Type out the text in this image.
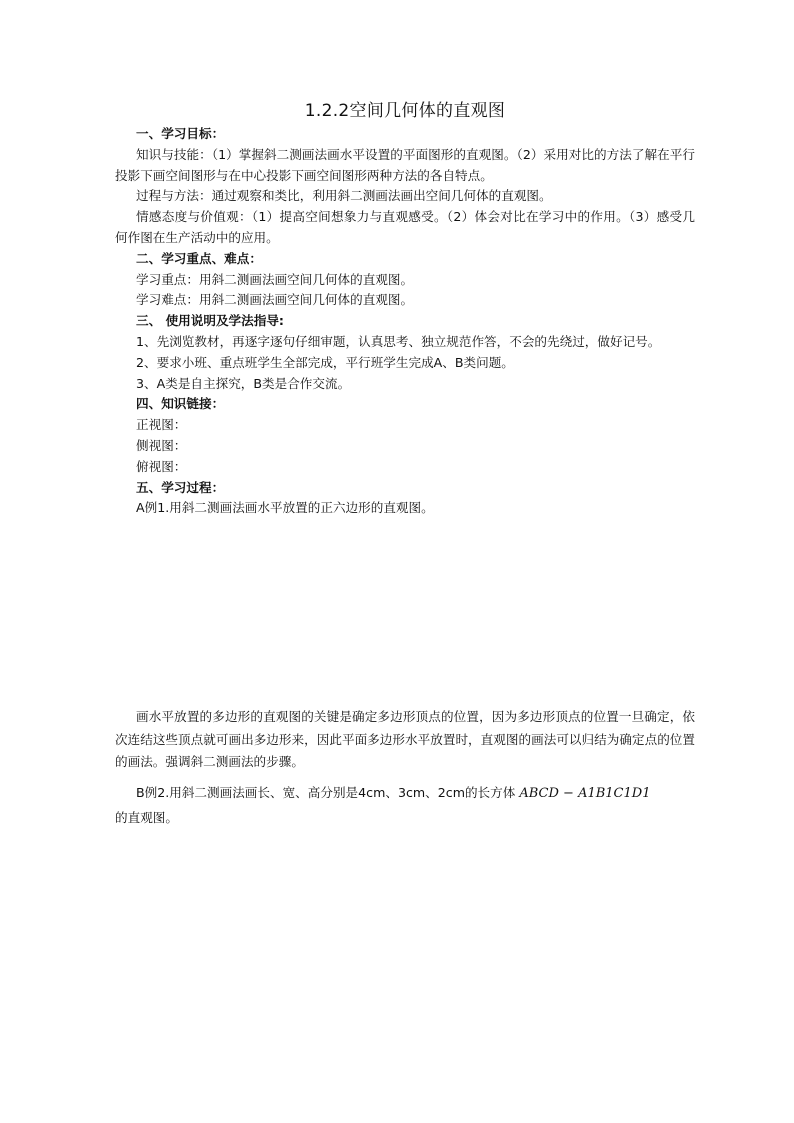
1.2.2空间几何体的直观图
一、学习目标：
知识与技能：（1）掌握斜二测画法画水平设置的平面图形的直观图。（2）采用对比的方法了解在平行投影下画空间图形与在中心投影下画空间图形两种方法的各自特点。
过程与方法：通过观察和类比，利用斜二测画法画出空间几何体的直观图。
情感态度与价值观：（1）提高空间想象力与直观感受。（2）体会对比在学习中的作用。（3）感受几何作图在生产活动中的应用。
二、学习重点、难点：
学习重点：用斜二测画法画空间几何体的直观图。
学习难点：用斜二测画法画空间几何体的直观图。
三、 使用说明及学法指导:
1、先浏览教材，再逐字逐句仔细审题，认真思考、独立规范作答，不会的先绕过，做好记号。
2、要求小班、重点班学生全部完成，平行班学生完成A、B类问题。
3、A类是自主探究，B类是合作交流。
四、知识链接：
正视图：
侧视图：
俯视图：
五、学习过程：
A例1.用斜二测画法画水平放置的正六边形的直观图。
画水平放置的多边形的直观图的关键是确定多边形顶点的位置，因为多边形顶点的位置一旦确定，依次连结这些顶点就可画出多边形来，因此平面多边形水平放置时，直观图的画法可以归结为确定点的位置的画法。强调斜二测画法的步骤。
B例2.用斜二测画法画长、宽、高分别是4cm、3cm、2cm的长方体 ABCD − A1B1C1D1
的直观图。
